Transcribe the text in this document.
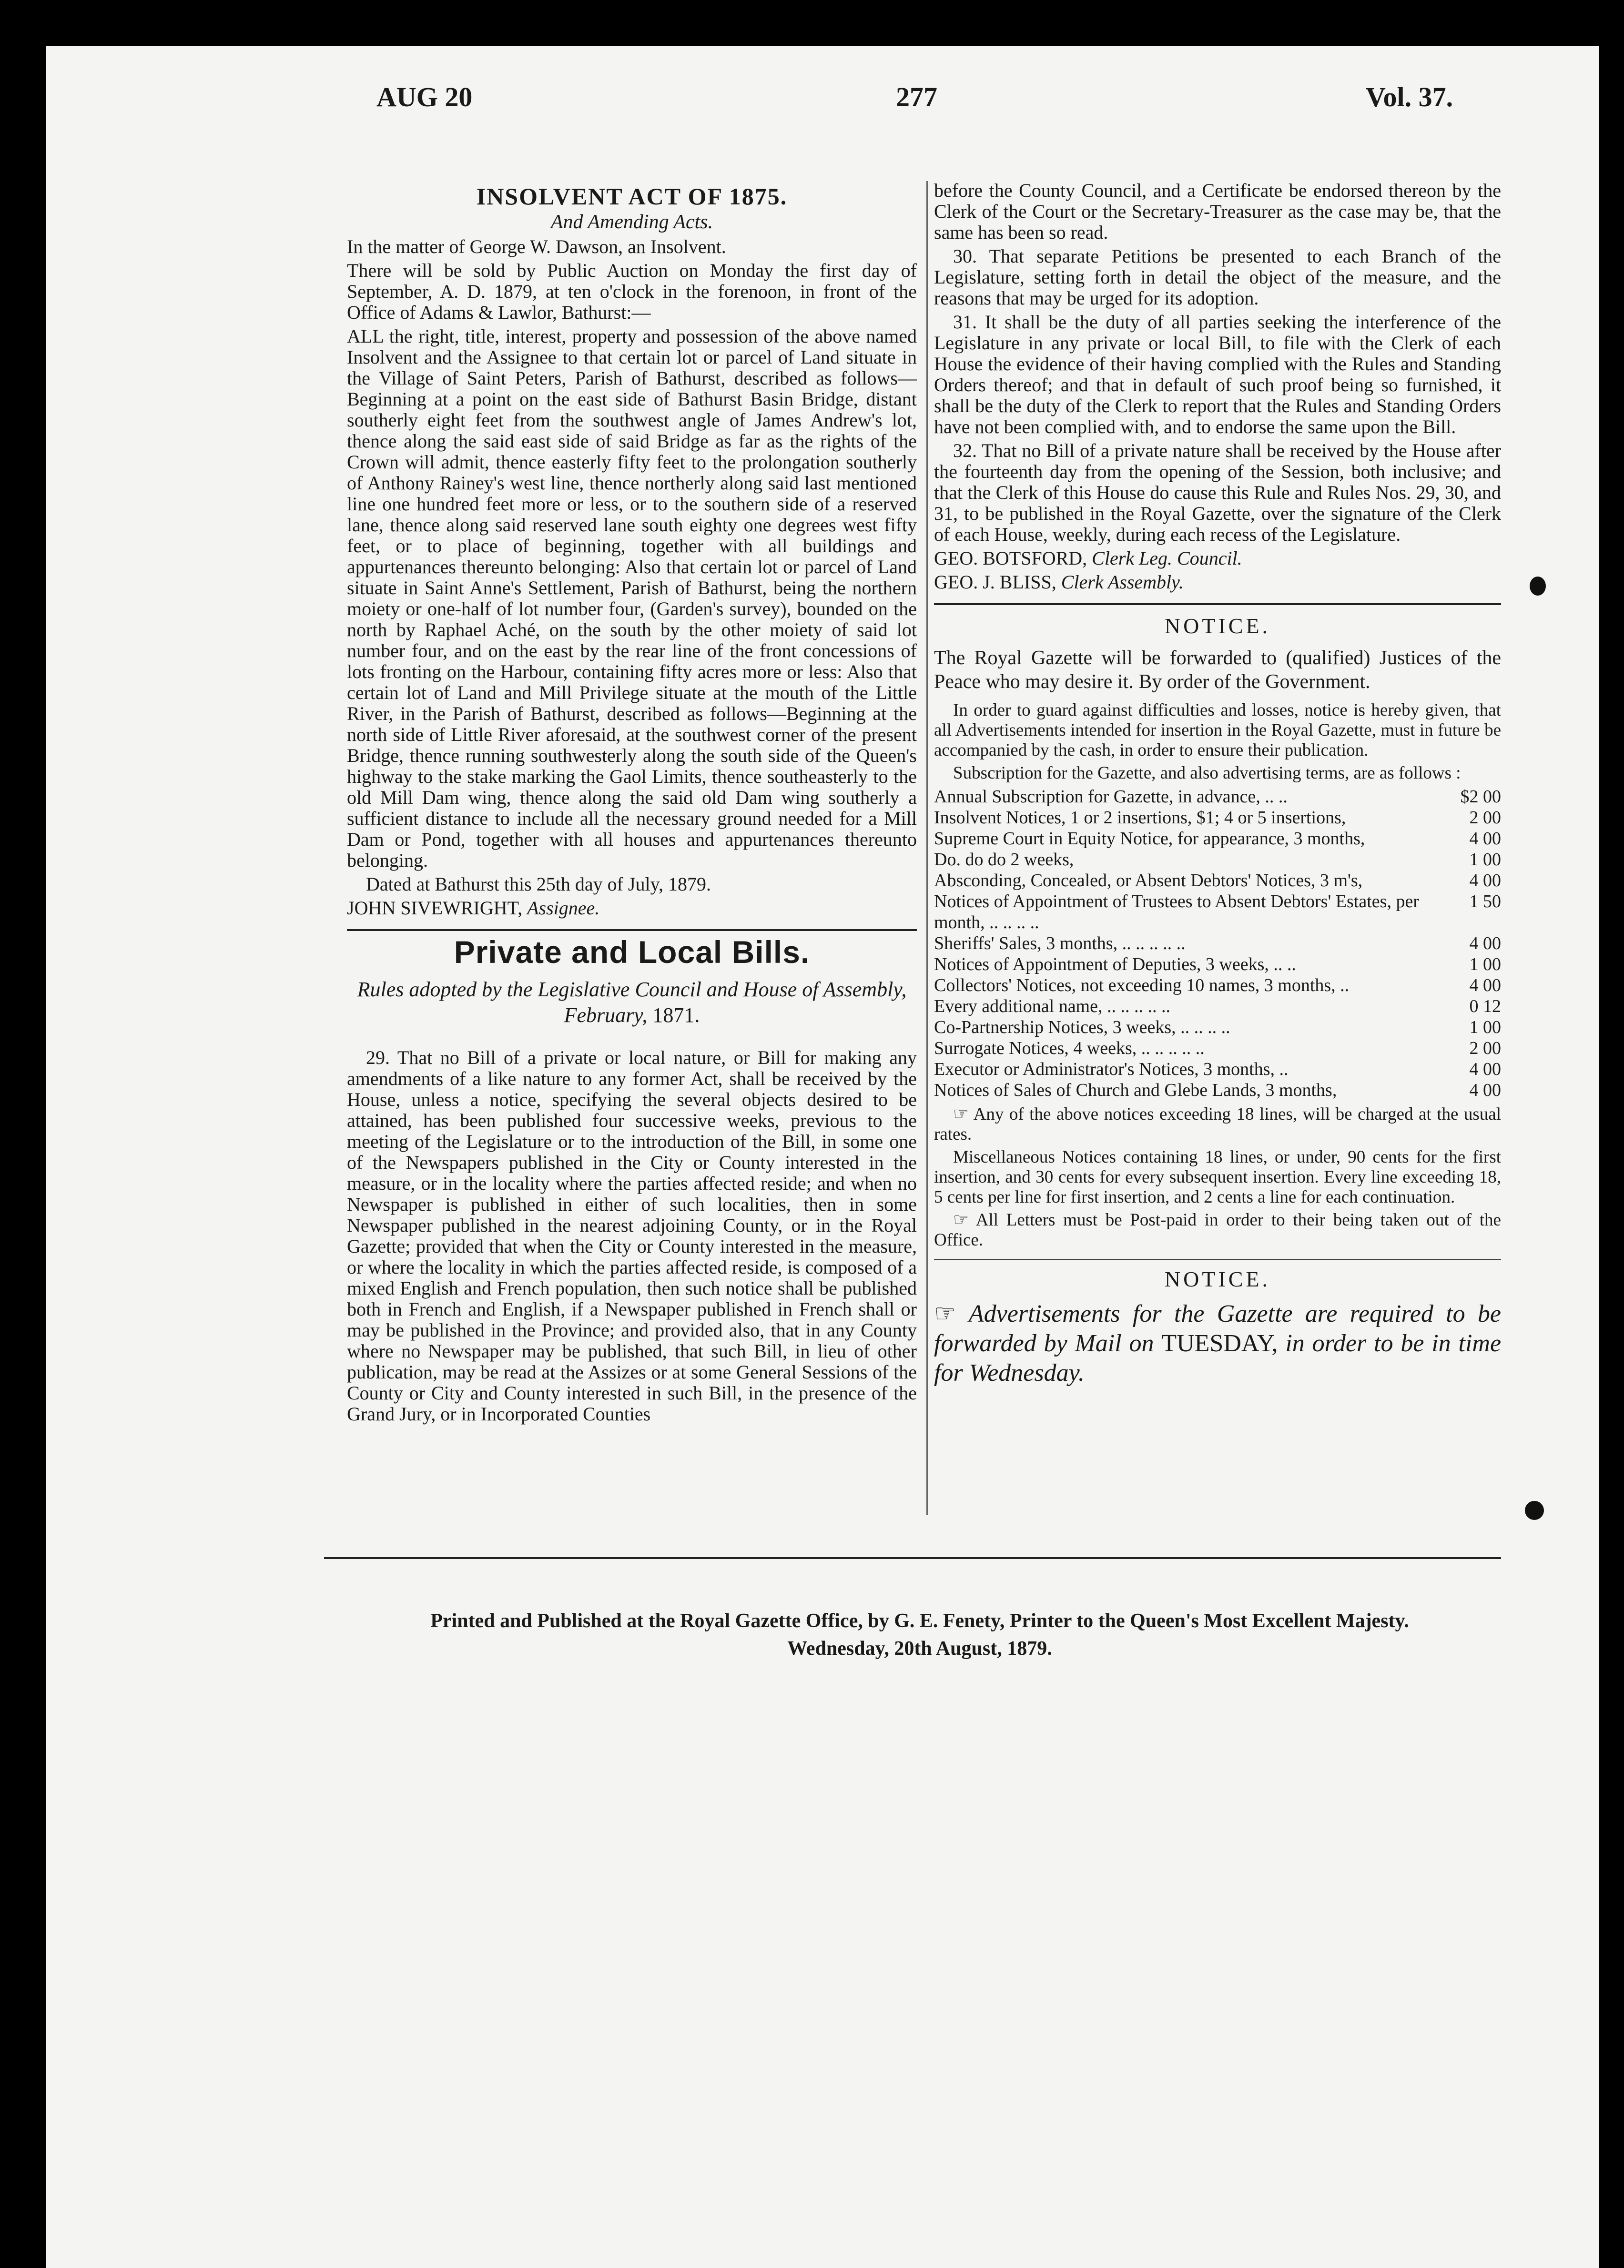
AUG 20	277	Vol. 37.
INSOLVENT ACT OF 1875.
And Amending Acts.

In the matter of George W. Dawson, an Insolvent.

There will be sold by Public Auction on Monday the first day of September, A. D. 1879, at ten o'clock in the forenoon, in front of the Office of Adams & Lawlor, Bathurst:—

ALL the right, title, interest, property and possession of the above named Insolvent and the Assignee to that certain lot or parcel of Land situate in the Village of Saint Peters, Parish of Bathurst, described as follows—Beginning at a point on the east side of Bathurst Basin Bridge, distant southerly eight feet from the southwest angle of James Andrew's lot, thence along the said east side of said Bridge as far as the rights of the Crown will admit, thence easterly fifty feet to the prolongation southerly of Anthony Rainey's west line, thence northerly along said last mentioned line one hundred feet more or less, or to the southern side of a reserved lane, thence along said reserved lane south eighty one degrees west fifty feet, or to place of beginning, together with all buildings and appurtenances thereunto belonging: Also that certain lot or parcel of Land situate in Saint Anne's Settlement, Parish of Bathurst, being the northern moiety or one-half of lot number four, (Garden's survey), bounded on the north by Raphael Aché, on the south by the other moiety of said lot number four, and on the east by the rear line of the front concessions of lots fronting on the Harbour, containing fifty acres more or less: Also that certain lot of Land and Mill Privilege situate at the mouth of the Little River, in the Parish of Bathurst, described as follows—Beginning at the north side of Little River aforesaid, at the southwest corner of the present Bridge, thence running southwesterly along the south side of the Queen's highway to the stake marking the Gaol Limits, thence southeasterly to the old Mill Dam wing, thence along the said old Dam wing southerly a sufficient distance to include all the necessary ground needed for a Mill Dam or Pond, together with all houses and appurtenances thereunto belonging.

Dated at Bathurst this 25th day of July, 1879.

JOHN SIVEWRIGHT, Assignee.

Private and Local Bills.
Rules adopted by the Legislative Council and House of Assembly, February, 1871.

29. That no Bill of a private or local nature, or Bill for making any amendments of a like nature to any former Act, shall be received by the House, unless a notice, specifying the several objects desired to be attained, has been published four successive weeks, previous to the meeting of the Legislature or to the introduction of the Bill, in some one of the Newspapers published in the City or County interested in the measure, or in the locality where the parties affected reside; and when no Newspaper is published in either of such localities, then in some Newspaper published in the nearest adjoining County, or in the Royal Gazette; provided that when the City or County interested in the measure, or where the locality in which the parties affected reside, is composed of a mixed English and French population, then such notice shall be published both in French and English, if a Newspaper published in French shall or may be published in the Province; and provided also, that in any County where no Newspaper may be published, that such Bill, in lieu of other publication, may be read at the Assizes or at some General Sessions of the County or City and County interested in such Bill, in the presence of the Grand Jury, or in Incorporated Counties

before the County Council, and a Certificate be endorsed thereon by the Clerk of the Court or the Secretary-Treasurer as the case may be, that the same has been so read.

30. That separate Petitions be presented to each Branch of the Legislature, setting forth in detail the object of the measure, and the reasons that may be urged for its adoption.

31. It shall be the duty of all parties seeking the interference of the Legislature in any private or local Bill, to file with the Clerk of each House the evidence of their having complied with the Rules and Standing Orders thereof; and that in default of such proof being so furnished, it shall be the duty of the Clerk to report that the Rules and Standing Orders have not been complied with, and to endorse the same upon the Bill.

32. That no Bill of a private nature shall be received by the House after the fourteenth day from the opening of the Session, both inclusive; and that the Clerk of this House do cause this Rule and Rules Nos. 29, 30, and 31, to be published in the Royal Gazette, over the signature of the Clerk of each House, weekly, during each recess of the Legislature.

GEO. BOTSFORD, Clerk Leg. Council.

GEO. J. BLISS, Clerk Assembly.

NOTICE.

The Royal Gazette will be forwarded to (qualified) Justices of the Peace who may desire it. By order of the Government.

In order to guard against difficulties and losses, notice is hereby given, that all Advertisements intended for insertion in the Royal Gazette, must in future be accompanied by the cash, in order to ensure their publication.

Subscription for the Gazette, and also advertising terms, are as follows :

Annual Subscription for Gazette, in advance, .. ..	$2 00
Insolvent Notices, 1 or 2 insertions, $1; 4 or 5 insertions,	2 00
Supreme Court in Equity Notice, for appearance, 3 months,	4 00
Do. do do 2 weeks,	1 00
Absconding, Concealed, or Absent Debtors' Notices, 3 m's,	4 00
Notices of Appointment of Trustees to Absent Debtors' Estates, per month, .. .. .. ..	1 50
Sheriffs' Sales, 3 months, .. .. .. .. ..	4 00
Notices of Appointment of Deputies, 3 weeks, .. ..	1 00
Collectors' Notices, not exceeding 10 names, 3 months, ..	4 00
Every additional name, .. .. .. .. ..	0 12
Co-Partnership Notices, 3 weeks, .. .. .. ..	1 00
Surrogate Notices, 4 weeks, .. .. .. .. ..	2 00
Executor or Administrator's Notices, 3 months, ..	4 00
Notices of Sales of Church and Glebe Lands, 3 months,	4 00

☞ Any of the above notices exceeding 18 lines, will be charged at the usual rates.

Miscellaneous Notices containing 18 lines, or under, 90 cents for the first insertion, and 30 cents for every subsequent insertion. Every line exceeding 18, 5 cents per line for first insertion, and 2 cents a line for each continuation.

☞ All Letters must be Post-paid in order to their being taken out of the Office.

NOTICE.

☞ Advertisements for the Gazette are required to be forwarded by Mail on TUESDAY, in order to be in time for Wednesday.

Printed and Published at the Royal Gazette Office, by G. E. Fenety, Printer to the Queen's Most Excellent Majesty.
Wednesday, 20th August, 1879.
